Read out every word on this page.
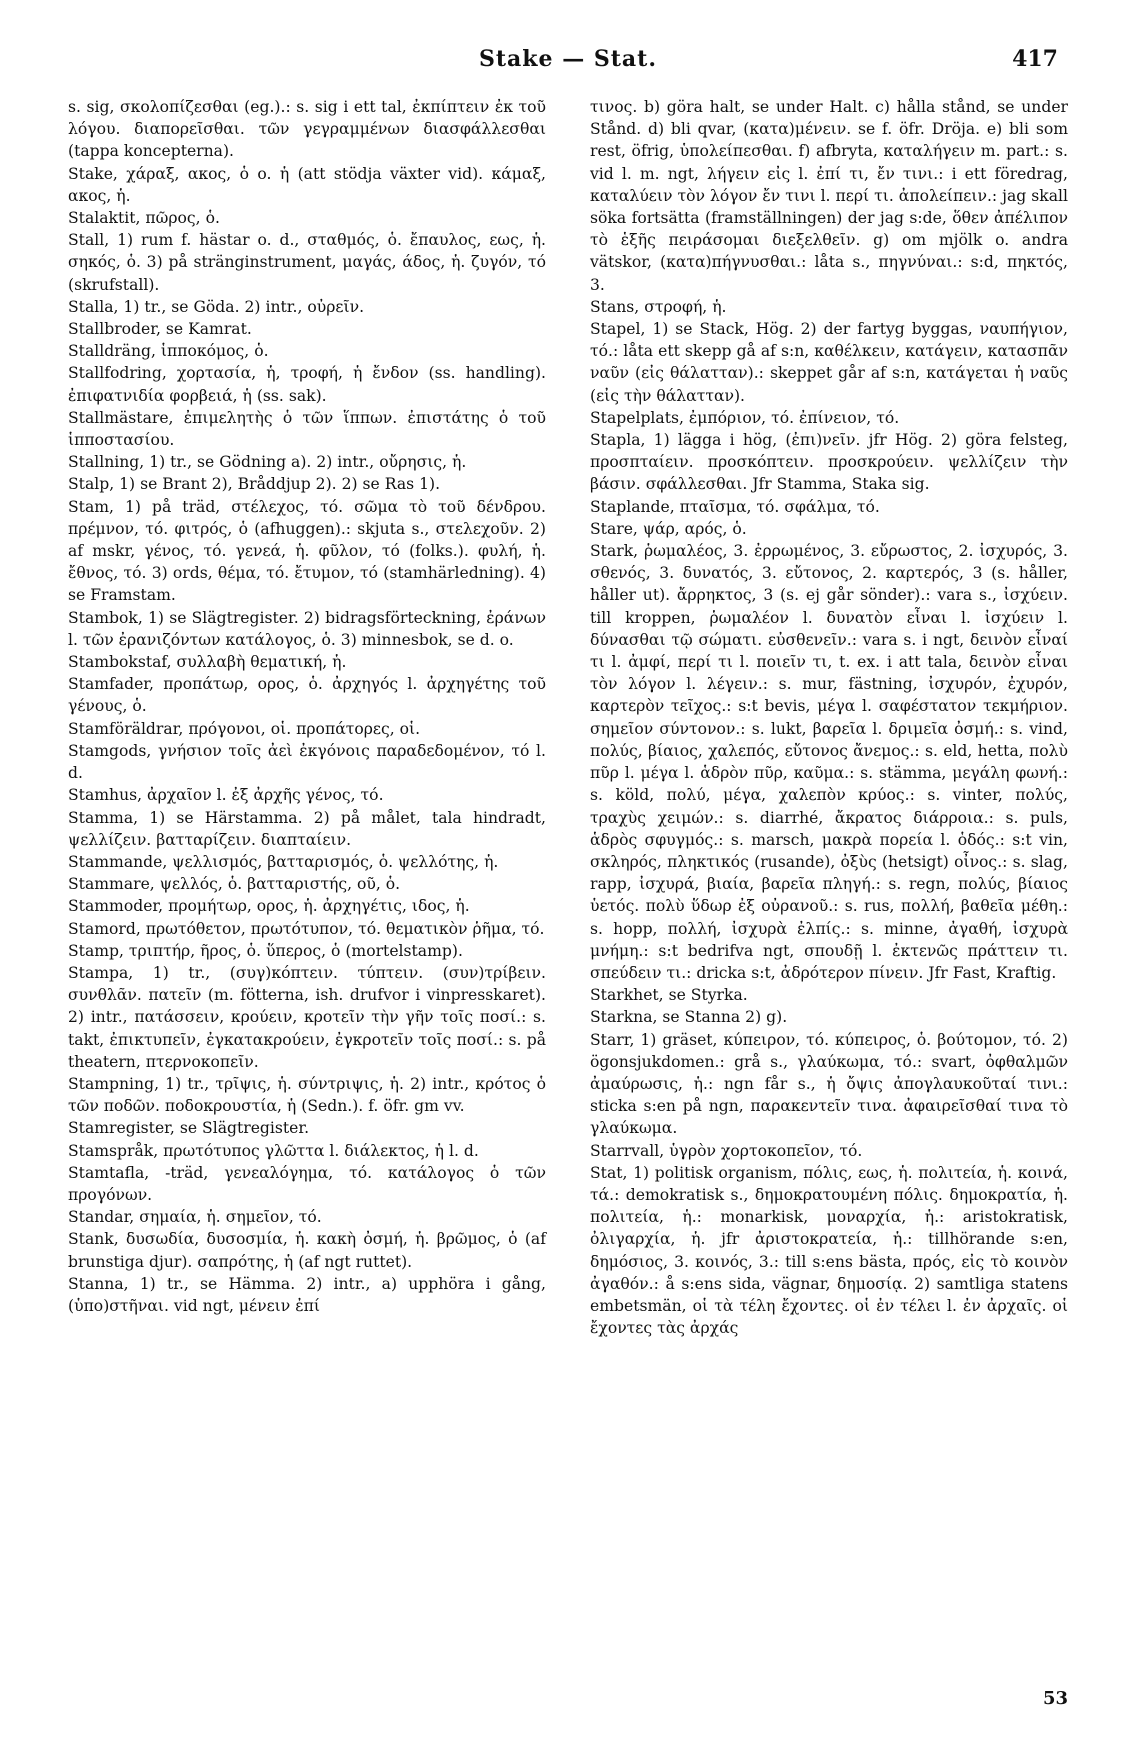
Stake — Stat.	417

s. sig, σκολοπίζεσθαι (eg.).: s. sig i ett tal, ἐκπίπτειν ἐκ τοῦ λόγου. διαπορεῖσθαι. τῶν γεγραμμένων διασφάλλεσθαι (tappa koncepterna).

Stake, χάραξ, ακος, ὁ o. ἡ (att stödja växter vid). κάμαξ, ακος, ἡ.

Stalaktit, πῶρος, ὁ.

Stall, 1) rum f. hästar o. d., σταθμός, ὁ. ἔπαυλος, εως, ἡ. σηκός, ὁ. 3) på stränginstrument, μαγάς, άδος, ἡ. ζυγόν, τό (skrufstall).

Stalla, 1) tr., se Göda. 2) intr., οὐρεῖν.

Stallbroder, se Kamrat.

Stalldräng, ἱπποκόμος, ὁ.

Stallfodring, χορτασία, ἡ, τροφή, ἡ ἔνδον (ss. handling). ἐπιφατνιδία φορβειά, ἡ (ss. sak).

Stallmästare, ἐπιμελητὴς ὁ τῶν ἵππων. ἐπιστάτης ὁ τοῦ ἱπποστασίου.

Stallning, 1) tr., se Gödning a). 2) intr., οὔρησις, ἡ.

Stalp, 1) se Brant 2), Bråddjup 2). 2) se Ras 1).

Stam, 1) på träd, στέλεχος, τό. σῶμα τὸ τοῦ δένδρου. πρέμνον, τό. φιτρός, ὁ (afhuggen).: skjuta s., στελεχοῦν. 2) af mskr, γένος, τό. γενεά, ἡ. φῦλον, τό (folks.). φυλή, ἡ. ἔθνος, τό. 3) ords, θέμα, τό. ἔτυμον, τό (stamhärledning). 4) se Framstam.

Stambok, 1) se Slägtregister. 2) bidragsförteckning, ἐράνων l. τῶν ἐρανιζόντων κατάλογος, ὁ. 3) minnesbok, se d. o.

Stambokstaf, συλλαβὴ θεματική, ἡ.

Stamfader, προπάτωρ, ορος, ὁ. ἀρχηγός l. ἀρχηγέτης τοῦ γένους, ὁ.

Stamföräldrar, πρόγονοι, οἱ. προπάτορες, οἱ.

Stamgods, γνήσιον τοῖς ἀεὶ ἐκγόνοις παραδεδομένον, τό l. d.

Stamhus, ἀρχαῖον l. ἐξ ἀρχῆς γένος, τό.

Stamma, 1) se Härstamma. 2) på målet, tala hindradt, ψελλίζειν. βατταρίζειν. διαπταίειν.

Stammande, ψελλισμός, βατταρισμός, ὁ. ψελλότης, ἡ.

Stammare, ψελλός, ὁ. βατταριστής, οῦ, ὁ.

Stammoder, προμήτωρ, ορος, ἡ. ἀρχηγέτις, ιδος, ἡ.

Stamord, πρωτόθετον, πρωτότυπον, τό. θεματικὸν ῥῆμα, τό.

Stamp, τριπτήρ, ῆρος, ὁ. ὕπερος, ὁ (mortelstamp).

Stampa, 1) tr., (συγ)κόπτειν. τύπτειν. (συν)τρίβειν. συνθλᾶν. πατεῖν (m. fötterna, ish. drufvor i vinpresskaret). 2) intr., πατάσσειν, κρούειν, κροτεῖν τὴν γῆν τοῖς ποσί.: s. takt, ἐπικτυπεῖν, ἐγκατακρούειν, ἐγκροτεῖν τοῖς ποσί.: s. på theatern, πτερνοκοπεῖν.

Stampning, 1) tr., τρῖψις, ἡ. σύντριψις, ἡ. 2) intr., κρότος ὁ τῶν ποδῶν. ποδοκρουστία, ἡ (Sedn.). f. öfr. gm vv.

Stamregister, se Slägtregister.

Stamspråk, πρωτότυπος γλῶττα l. διάλεκτος, ἡ l. d.

Stamtafla, -träd, γενεαλόγημα, τό. κατάλογος ὁ τῶν προγόνων.

Standar, σημαία, ἡ. σημεῖον, τό.

Stank, δυσωδία, δυσοσμία, ἡ. κακὴ ὀσμή, ἡ. βρῶμος, ὁ (af brunstiga djur). σαπρότης, ἡ (af ngt ruttet).

Stanna, 1) tr., se Hämma. 2) intr., a) upphöra i gång, (ὑπο)στῆναι. vid ngt, μένειν ἐπί

τινος. b) göra halt, se under Halt. c) hålla stånd, se under Stånd. d) bli qvar, (κατα)μένειν. se f. öfr. Dröja. e) bli som rest, öfrig, ὑπολείπεσθαι. f) afbryta, καταλήγειν m. part.: s. vid l. m. ngt, λήγειν εἰς l. ἐπί τι, ἔν τινι.: i ett föredrag, καταλύειν τὸν λόγον ἔν τινι l. περί τι. ἀπολείπειν.: jag skall söka fortsätta (framställningen) der jag s:de, ὅθεν ἀπέλιπον τὸ ἑξῆς πειράσομαι διεξελθεῖν. g) om mjölk o. andra vätskor, (κατα)πήγνυσθαι.: låta s., πηγνύναι.: s:d, πηκτός, 3.

Stans, στροφή, ἡ.

Stapel, 1) se Stack, Hög. 2) der fartyg byggas, ναυπήγιον, τό.: låta ett skepp gå af s:n, καθέλκειν, κατάγειν, κατασπᾶν ναῦν (εἰς θάλατταν).: skeppet går af s:n, κατάγεται ἡ ναῦς (εἰς τὴν θάλατταν).

Stapelplats, ἐμπόριον, τό. ἐπίνειον, τό.

Stapla, 1) lägga i hög, (ἐπι)νεῖν. jfr Hög. 2) göra felsteg, προσπταίειν. προσκόπτειν. προσκρούειν. ψελλίζειν τὴν βάσιν. σφάλλεσθαι. Jfr Stamma, Staka sig.

Staplande, πταῖσμα, τό. σφάλμα, τό.

Stare, ψάρ, αρός, ὁ.

Stark, ῥωμαλέος, 3. ἐρρωμένος, 3. εὔρωστος, 2. ἰσχυρός, 3. σθενός, 3. δυνατός, 3. εὔτονος, 2. καρτερός, 3 (s. håller, håller ut). ἄρρηκτος, 3 (s. ej går sönder).: vara s., ἰσχύειν. till kroppen, ῥωμαλέον l. δυνατὸν εἶναι l. ἰσχύειν l. δύνασθαι τῷ σώματι. εὐσθενεῖν.: vara s. i ngt, δεινὸν εἶναί τι l. ἀμφί, περί τι l. ποιεῖν τι, t. ex. i att tala, δεινὸν εἶναι τὸν λόγον l. λέγειν.: s. mur, fästning, ἰσχυρόν, ἐχυρόν, καρτερὸν τεῖχος.: s:t bevis, μέγα l. σαφέστατον τεκμήριον. σημεῖον σύντονον.: s. lukt, βαρεῖα l. δριμεῖα ὀσμή.: s. vind, πολύς, βίαιος, χαλεπός, εὔτονος ἄνεμος.: s. eld, hetta, πολὺ πῦρ l. μέγα l. ἁδρὸν πῦρ, καῦμα.: s. stämma, μεγάλη φωνή.: s. köld, πολύ, μέγα, χαλεπὸν κρύος.: s. vinter, πολύς, τραχὺς χειμών.: s. diarrhé, ἄκρατος διάρροια.: s. puls, ἁδρὸς σφυγμός.: s. marsch, μακρὰ πορεία l. ὁδός.: s:t vin, σκληρός, πληκτικός (rusande), ὀξὺς (hetsigt) οἶνος.: s. slag, rapp, ἰσχυρά, βιαία, βαρεῖα πληγή.: s. regn, πολύς, βίαιος ὑετός. πολὺ ὕδωρ ἐξ οὐρανοῦ.: s. rus, πολλή, βαθεῖα μέθη.: s. hopp, πολλή, ἰσχυρὰ ἐλπίς.: s. minne, ἀγαθή, ἰσχυρὰ μνήμη.: s:t bedrifva ngt, σπουδῇ l. ἐκτενῶς πράττειν τι. σπεύδειν τι.: dricka s:t, ἀδρότερον πίνειν. Jfr Fast, Kraftig.

Starkhet, se Styrka.

Starkna, se Stanna 2) g).

Starr, 1) gräset, κύπειρον, τό. κύπειρος, ὁ. βούτομον, τό. 2) ögonsjukdomen.: grå s., γλαύκωμα, τό.: svart, ὀφθαλμῶν ἀμαύρωσις, ἡ.: ngn får s., ἡ ὄψις ἀπογλαυκοῦταί τινι.: sticka s:en på ngn, παρακεντεῖν τινα. ἀφαιρεῖσθαί τινα τὸ γλαύκωμα.

Starrvall, ὑγρὸν χορτοκοπεῖον, τό.

Stat, 1) politisk organism, πόλις, εως, ἡ. πολιτεία, ἡ. κοινά, τά.: demokratisk s., δημοκρατουμένη πόλις. δημοκρατία, ἡ. πολιτεία, ἡ.: monarkisk, μοναρχία, ἡ.: aristokratisk, ὀλιγαρχία, ἡ. jfr ἀριστοκρατεία, ἡ.: tillhörande s:en, δημόσιος, 3. κοινός, 3.: till s:ens bästa, πρός, εἰς τὸ κοινὸν ἀγαθόν.: å s:ens sida, vägnar, δημοσίᾳ. 2) samtliga statens embetsmän, οἱ τὰ τέλη ἔχοντες. οἱ ἐν τέλει l. ἐν ἀρχαῖς. οἱ ἔχοντες τὰς ἀρχάς

53
